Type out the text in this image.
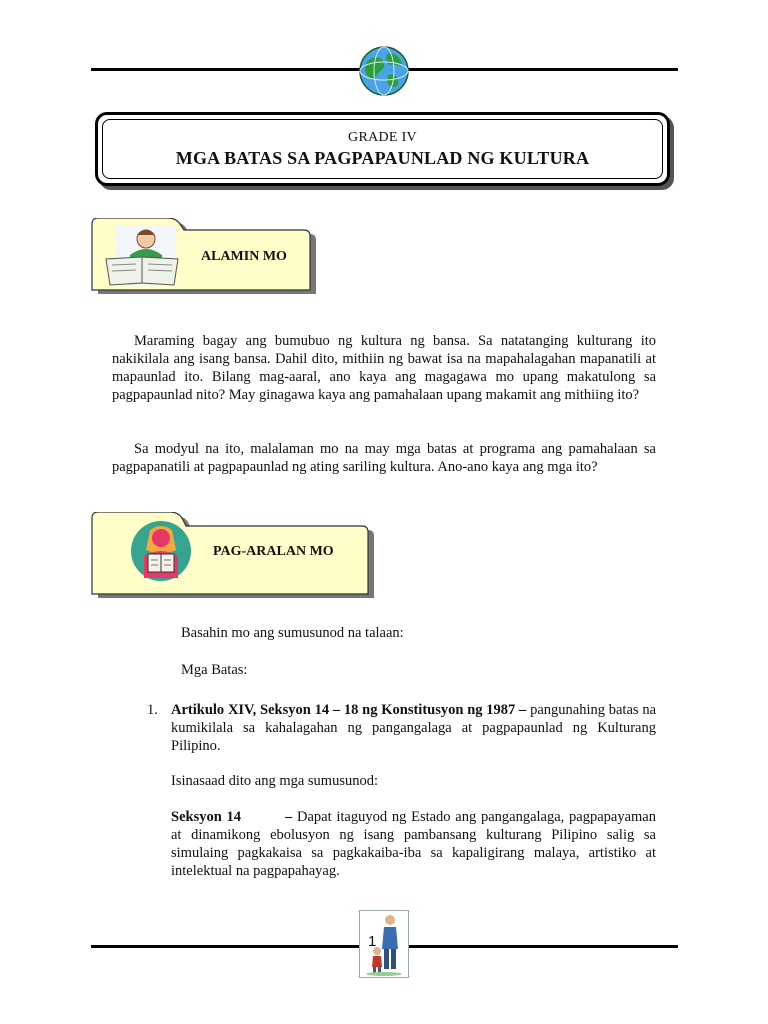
GRADE IV
MGA BATAS SA PAGPAPAUNLAD NG KULTURA
ALAMIN MO

Maraming bagay ang bumubuo ng kultura ng bansa. Sa natatanging kulturang ito nakikilala ang isang bansa. Dahil dito, mithiin ng bawat isa na mapahalagahan mapanatili at mapaunlad ito. Bilang mag-aaral, ano kaya ang magagawa mo upang makatulong sa pagpapaunlad nito? May ginagawa kaya ang pamahalaan upang makamit ang mithiing ito?

Sa modyul na ito, malalaman mo na may mga batas at programa ang pamahalaan sa pagpapanatili at pagpapaunlad ng ating sariling kultura. Ano-ano kaya ang mga ito?

PAG-ARALAN MO
Basahin mo ang sumusunod na talaan:
Mga Batas:
1. Artikulo XIV, Seksyon 14 – 18 ng Konstitusyon ng 1987 – pangunahing batas na kumikilala sa kahalagahan ng pangangalaga at pagpapaunlad ng Kulturang Pilipino.

Isinasaad dito ang mga sumusunod:

Seksyon 14	– Dapat itaguyod ng Estado ang pangangalaga, pagpapayaman at dinamikong ebolusyon ng isang pambansang kulturang Pilipino salig sa simulaing pagkakaisa sa pagkakaiba-iba sa kapaligirang malaya, artistiko at intelektual na pagpapahayag.

1
